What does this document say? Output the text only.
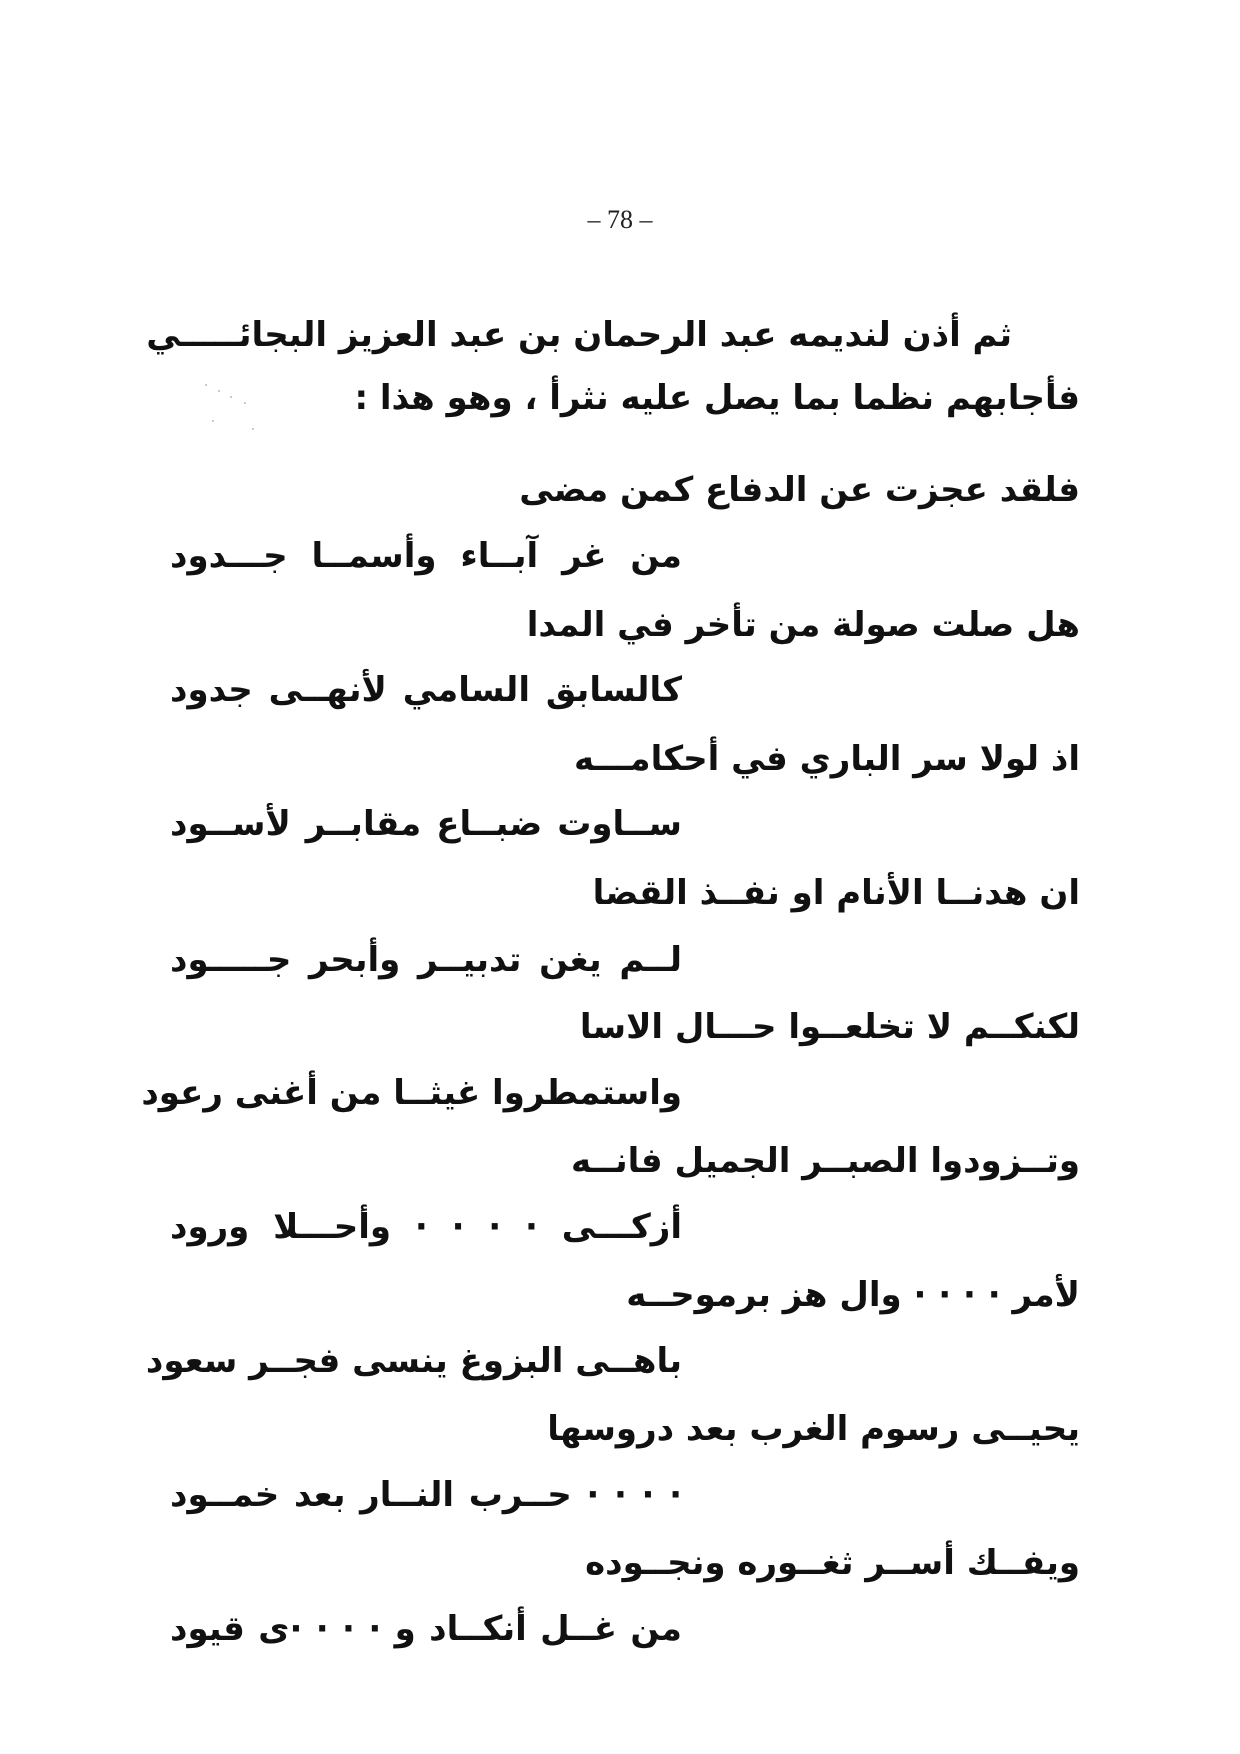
– 78 –
ثم أذن لنديمه عبد الرحمان بن عبد العزيز البجائـــــي
فأجابهم نظما بما يصل عليه نثرأ ، وهو هذا :
فلقد عجزت عن الدفاع كمن مضى
من غر آبــاء وأسمــا جـــدود
هل صلت صولة من تأخر في المدا
كالسابق السامي لأنهــى جدود
اذ لولا سر الباري في أحكامـــه
ســاوت ضبــاع مقابــر لأســود
ان هدنــا الأنام او نفــذ القضا
لــم يغن تدبيــر وأبحر جـــــود
لكنكــم لا تخلعــوا حـــال الاسا
واستمطروا غيثــا من أغنى رعود
وتــزودوا الصبــر الجميل فانــه
أزكـــى · · · · وأحـــلا ورود
لأمر · · · · وال هز برموحــه
باهــى البزوغ ينسى فجــر سعود
يحيــى رسوم الغرب بعد دروسها
· · · · حــرب النــار بعد خمــود
ويفــك أســر ثغــوره ونجــوده
من غــل أنكــاد و · · · ·ى قيود
